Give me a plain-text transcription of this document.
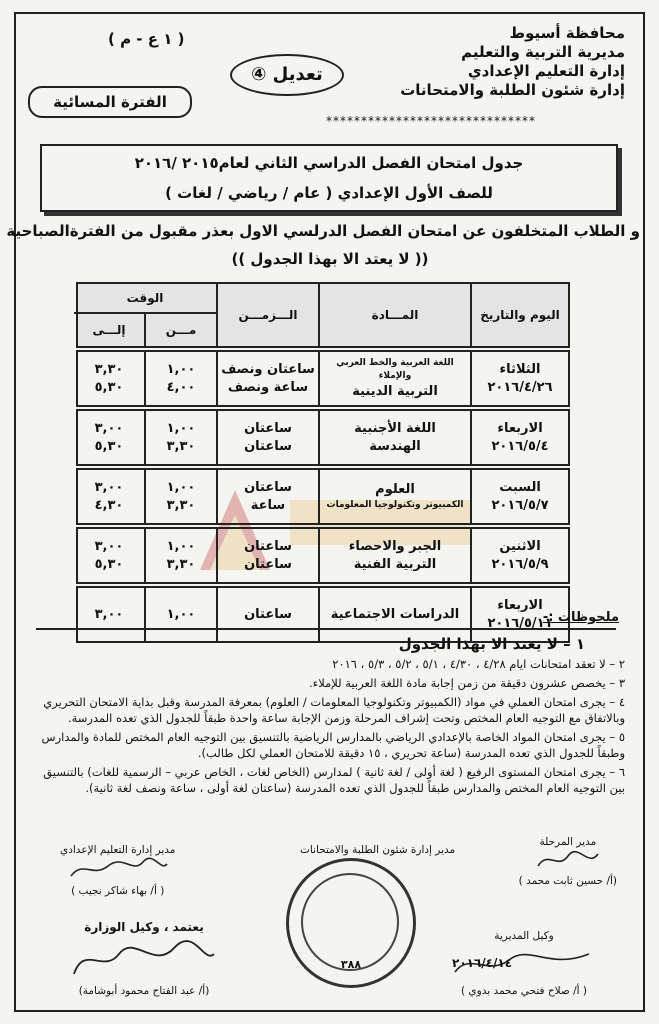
محافظة أسيوط
مديرية التربية والتعليم
إدارة التعليم الإعدادي
إدارة شئون الطلبة والامتحانات
******************************
( ١ ع - م )
تعديل ④
الفترة المسائية
جدول امتحان الفصل الدراسي الثاني لعام٢٠١٥ /٢٠١٦
للصف الأول الإعدادي ( عام / رياضي / لغات )
و الطلاب المتخلفون عن امتحان الفصل الدرلسي الاول بعذر مقبول من الفترةالصباحية
(( لا يعتد الا بهذا الجدول ))
اليوم والتاريخ
المـــادة
الـــزمـــن
الوقت
مـــن
إلـــى
الثلاثاء
٢٠١٦/٤/٢٦
اللغة العربية والخط العربي والإملاء
التربية الدينية
ساعتان ونصف
ساعة ونصف
١,٠٠
٤,٠٠
٣,٣٠
٥,٣٠
الاربعاء
٢٠١٦/٥/٤
اللغة الأجنبية
الهندسة
ساعتان
ساعتان
١,٠٠
٣,٣٠
٣,٠٠
٥,٣٠
السبت
٢٠١٦/٥/٧
العلوم
الكمبيوتر وتكنولوجيا المعلومات
ساعتان
ساعة
١,٠٠
٣,٣٠
٣,٠٠
٤,٣٠
الاثنين
٢٠١٦/٥/٩
الجبر والاحصاء
التربية الفنية
ساعتان
ساعتان
١,٠٠
٣,٣٠
٣,٠٠
٥,٣٠
الاربعاء
٢٠١٦/٥/١١
الدراسات الاجتماعية
ساعتان
١,٠٠
٣,٠٠	ملحوظات :-
١ – لا يعتد الا بهذا الجدول

٢ – لا تعقد امتحانات ايام ٤/٢٨ ، ٤/٣٠ ، ٥/١ ، ٥/٢ ، ٥/٣ ، ٢٠١٦

٣ – يخصص عشرون دقيقة من زمن إجابة مادة اللغة العربية للإملاء.

٤ – يجرى امتحان العملي في مواد (الكمبيوتر وتكنولوجيا المعلومات / العلوم) بمعرفة المدرسة وقبل بداية الامتحان التحريري وبالاتفاق مع التوجيه العام المختص وتحت إشراف المرحلة وزمن الإجابة ساعة واحدة طبقاً للجدول الذي تعده المدرسة.

٥ – يجرى امتحان المواد الخاصة بالإعدادي الرياضي بالمدارس الرياضية بالتنسيق بين التوجيه العام المختص للمادة والمدارس وطبقاً للجدول الذي تعده المدرسة (ساعة تحريري ، ١٥ دقيقة للامتحان العملي لكل طالب).

٦ – يجرى امتحان المستوى الرفيع ( لغة أولى / لغة ثانية ) لمدارس (الخاص لغات ، الخاص عربي – الرسمية للغات) بالتنسيق بين التوجيه العام المختص والمدارس طبقاً للجدول الذي تعده المدرسة (ساعتان لغة أولى ، ساعة ونصف لغة ثانية).

مدير المرحلة
(أ/ حسين ثابت محمد )
مدير إدارة شئون الطلبة والامتحانات
مدير إدارة التعليم الإعدادي
( أ/ بهاء شاكر نجيب )
وكيل المديرية
( أ/ صلاح فتحي محمد بدوي )
٢٠١٦/٤/١٤
يعتمد ، وكيل الوزارة
(أ/ عبد الفتاح محمود أبوشامة)
٣٨٨
